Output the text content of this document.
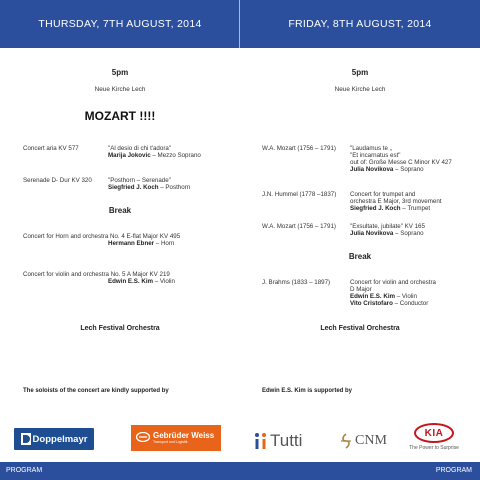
THURSDAY, 7TH AUGUST, 2014	FRIDAY, 8TH AUGUST, 2014
5pm
Neue Kirche Lech
MOZART !!!!
Concert aria KV 577	"Al desio di chi t'adora"
Marija Jokovic – Mezzo Soprano
Serenade D- Dur KV 320	"Posthorn – Serenade"
Siegfried J. Koch – Posthorn
Break
Concert for Horn and orchestra No. 4 E-flat Major KV 495
Hermann Ebner – Horn
Concert for violin and orchestra No. 5 A Major KV 219
Edwin E.S. Kim – Violin
Lech Festival Orchestra
The soloists of the concert are kindly supported by
Doppelmayr	Gebrüder Weiss
Transport und Logistik
5pm
Neue Kirche Lech
W.A. Mozart (1756 – 1791) "Laudamus te „
"Et incarnatus est"
out of: Große Messe C Minor KV 427
Julia Novikova – Soprano
J.N. Hummel (1778 –1837) Concert for trumpet and
orchestra E Major, 3rd movement
Siegfried J. Koch – Trumpet
W.A. Mozart (1756 – 1791) "Exsultate, jubilate" KV 165
Julia Novikova – Soprano
Break
J. Brahms (1833 – 1897)	Concert for violin and orchestra
D Major
Edwin E.S. Kim – Violin
Vito Cristofaro – Conductor
Lech Festival Orchestra
Edwin E.S. Kim is supported by
Tutti	CNM	KIA
The Power to Surprise
PROGRAM	PROGRAM
